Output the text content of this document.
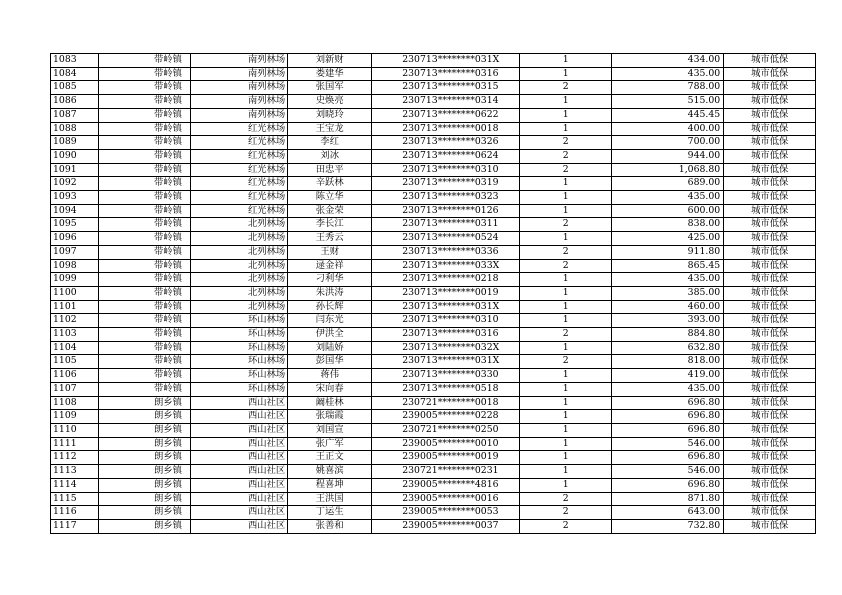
1083	带岭镇	南列林场	刘新财	230713********031X	1	434.00	城市低保
1084	带岭镇	南列林场	娄建华	230713********0316	1	435.00	城市低保
1085	带岭镇	南列林场	张国军	230713********0315	2	788.00	城市低保
1086	带岭镇	南列林场	史焕亮	230713********0314	1	515.00	城市低保
1087	带岭镇	南列林场	刘晓玲	230713********0622	1	445.45	城市低保
1088	带岭镇	红光林场	王宝龙	230713********0018	1	400.00	城市低保
1089	带岭镇	红光林场	李红	230713********0326	2	700.00	城市低保
1090	带岭镇	红光林场	刘冰	230713********0624	2	944.00	城市低保
1091	带岭镇	红光林场	田忠平	230713********0310	2	1,068.80	城市低保
1092	带岭镇	红光林场	辛跃林	230713********0319	1	689.00	城市低保
1093	带岭镇	红光林场	陈立华	230713********0323	1	435.00	城市低保
1094	带岭镇	红光林场	张金荣	230713********0126	1	600.00	城市低保
1095	带岭镇	北列林场	李长江	230713********0311	2	838.00	城市低保
1096	带岭镇	北列林场	王秀云	230713********0524	1	425.00	城市低保
1097	带岭镇	北列林场	王财	230713********0336	2	911.80	城市低保
1098	带岭镇	北列林场	逯金祥	230713********033X	2	865.45	城市低保
1099	带岭镇	北列林场	刁利华	230713********0218	1	435.00	城市低保
1100	带岭镇	北列林场	朱洪涛	230713********0019	1	385.00	城市低保
1101	带岭镇	北列林场	孙长辉	230713********031X	1	460.00	城市低保
1102	带岭镇	环山林场	闫东光	230713********0310	1	393.00	城市低保
1103	带岭镇	环山林场	伊洪全	230713********0316	2	884.80	城市低保
1104	带岭镇	环山林场	刘陆娇	230713********032X	1	632.80	城市低保
1105	带岭镇	环山林场	彭国华	230713********031X	2	818.00	城市低保
1106	带岭镇	环山林场	蒋伟	230713********0330	1	419.00	城市低保
1107	带岭镇	环山林场	宋向春	230713********0518	1	435.00	城市低保
1108	朗乡镇	西山社区	阚桂林	230721********0018	1	696.80	城市低保
1109	朗乡镇	西山社区	张瑞霞	239005********0228	1	696.80	城市低保
1110	朗乡镇	西山社区	刘国宣	230721********0250	1	696.80	城市低保
1111	朗乡镇	西山社区	张广军	239005********0010	1	546.00	城市低保
1112	朗乡镇	西山社区	王正文	239005********0019	1	696.80	城市低保
1113	朗乡镇	西山社区	姚喜滨	230721********0231	1	546.00	城市低保
1114	朗乡镇	西山社区	程喜坤	239005********4816	1	696.80	城市低保
1115	朗乡镇	西山社区	王洪国	239005********0016	2	871.80	城市低保
1116	朗乡镇	西山社区	丁运生	239005********0053	2	643.00	城市低保
1117	朗乡镇	西山社区	张善和	239005********0037	2	732.80	城市低保
